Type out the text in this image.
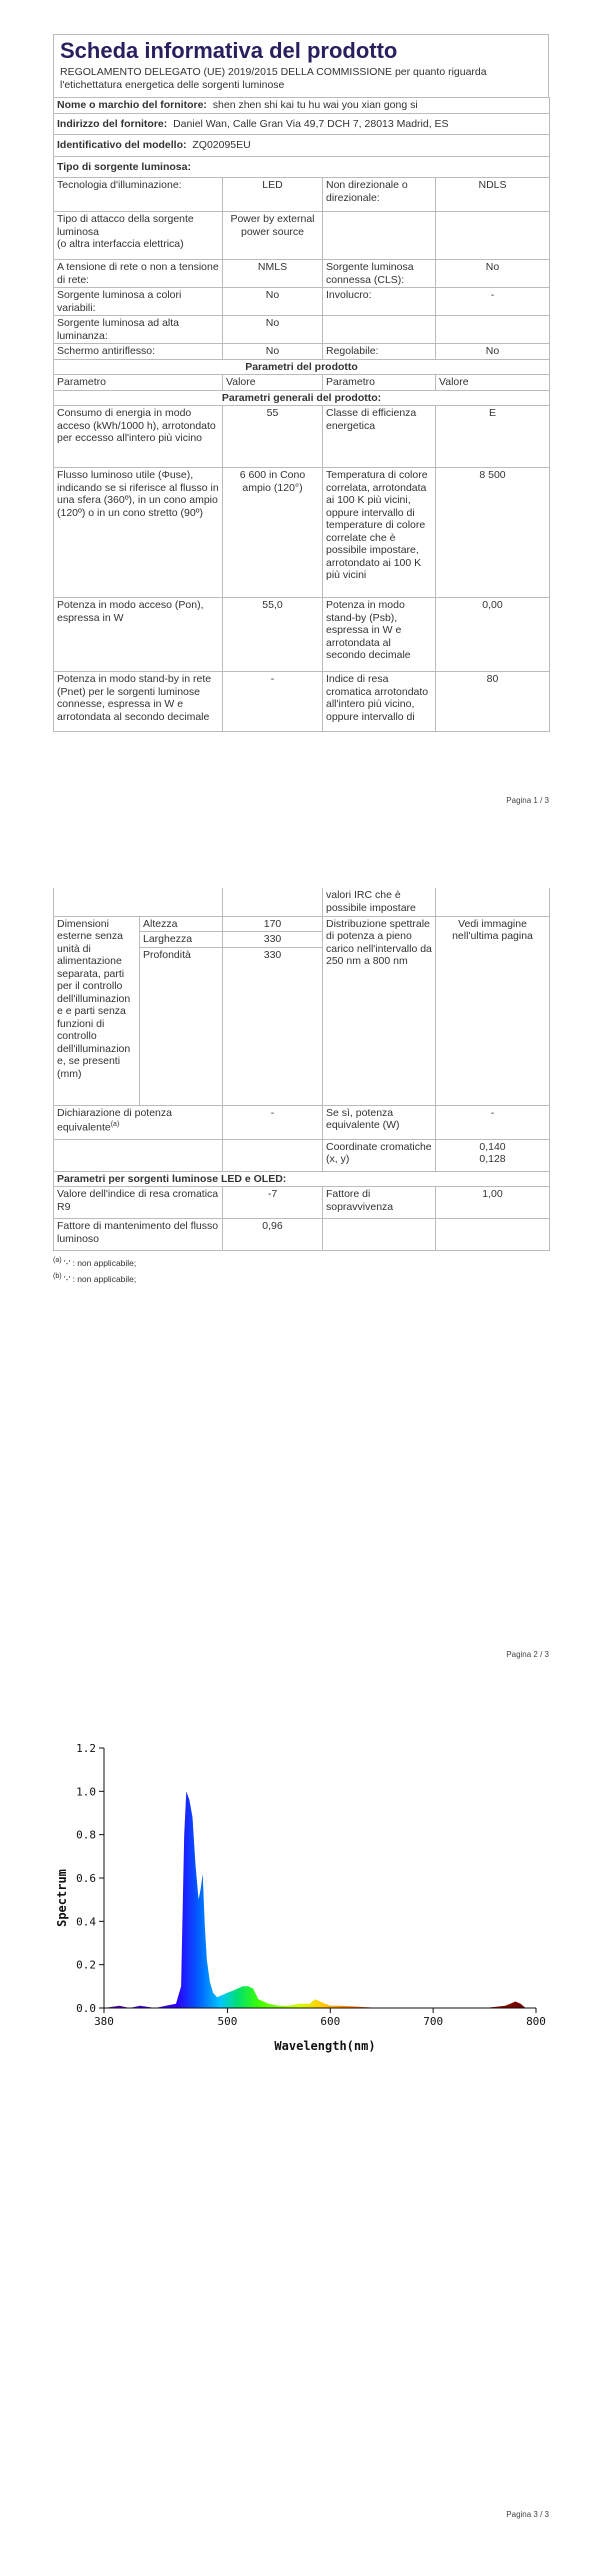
Scheda informativa del prodotto
REGOLAMENTO DELEGATO (UE) 2019/2015 DELLA COMMISSIONE per quanto riguarda l'etichettatura energetica delle sorgenti luminose
Nome o marchio del fornitore: shen zhen shi kai tu hu wai you xian gong si			
Indirizzo del fornitore: Daniel Wan, Calle Gran Via 49,7 DCH 7, 28013 Madrid, ES			
Identificativo del modello: ZQ02095EU			
Tipo di sorgente luminosa:			
Tecnologia d'illuminazione:	LED	Non direzionale o direzionale:	NDLS
Tipo di attacco della sorgente luminosa
(o altra interfaccia elettrica)	Power by external power source		
A tensione di rete o non a tensione di rete:	NMLS	Sorgente luminosa connessa (CLS):	No
Sorgente luminosa a colori variabili:	No	Involucro:	-
Sorgente luminosa ad alta luminanza:	No		
Schermo antiriflesso:	No	Regolabile:	No
Parametri del prodotto			
Parametro	Valore	Parametro	Valore
Parametri generali del prodotto:			
Consumo di energia in modo acceso (kWh/1000 h), arrotondato per eccesso all'intero più vicino	55	Classe di efficienza energetica	E
Flusso luminoso utile (Φuse), indicando se si riferisce al flusso in una sfera (360º), in un cono ampio (120º) o in un cono stretto (90º)	6 600 in Cono ampio (120°)	Temperatura di colore correlata, arrotondata ai 100 K più vicini, oppure intervallo di temperature di colore correlate che è possibile impostare, arrotondato ai 100 K più vicini	8 500
Potenza in modo acceso (Pon), espressa in W	55,0	Potenza in modo stand-by (Psb), espressa in W e arrotondata al secondo decimale	0,00
Potenza in modo stand-by in rete (Pnet) per le sorgenti luminose connesse, espressa in W e arrotondata al secondo decimale	-	Indice di resa cromatica arrotondato all'intero più vicino, oppure intervallo di	80
Pagina 1 / 3
			valori IRC che è possibile impostare	
Dimensioni esterne senza unità di alimentazione separata, parti per il controllo dell'illuminazione e parti senza funzioni di controllo dell'illuminazione, se presenti (mm)	Altezza	170	Distribuzione spettrale di potenza a pieno carico nell'intervallo da 250 nm a 800 nm	Vedi immagine nell'ultima pagina
	Larghezza	330		
	Profondità	330		
Dichiarazione di potenza equivalente$^{(a)}$		-	Se sì, potenza equivalente (W)	-
			Coordinate cromatiche (x, y)	0,140
0,128
Parametri per sorgenti luminose LED e OLED:				
Valore dell'indice di resa cromatica R9		-7	Fattore di sopravvivenza	1,00
Fattore di mantenimento del flusso luminoso		0,96		
$^{(a)}$ '-' : non applicabile;
$^{(b)}$ '-' : non applicabile;
Pagina 2 / 3
0.0
0.2
0.4
0.6
0.8
1.0
1.2
380	500	600	700	800
Wavelength(nm)
Spectrum
Pagina 3 / 3
